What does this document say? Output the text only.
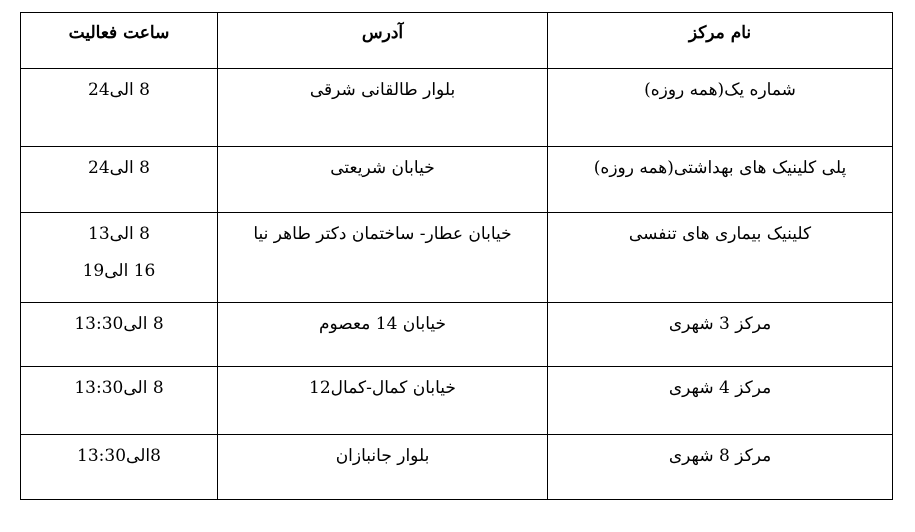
نام مرکز	آدرس	ساعت فعالیت
شماره یک(همه روزه)	بلوار طالقانی شرقی	8 الی24

پلی کلینیک های بهداشتی(همه روزه)	خیابان شریعتی	8 الی24

کلینیک بیماری های تنفسی	خیابان عطار- ساختمان دکتر طاهر نیا	8 الی13
16 الی19

مرکز 3 شهری	خیابان 14 معصوم	8 الی13:30

مرکز 4 شهری	خیابان کمال-کمال12	8 الی13:30

مرکز 8 شهری	بلوار جانبازان	8الی13:30
